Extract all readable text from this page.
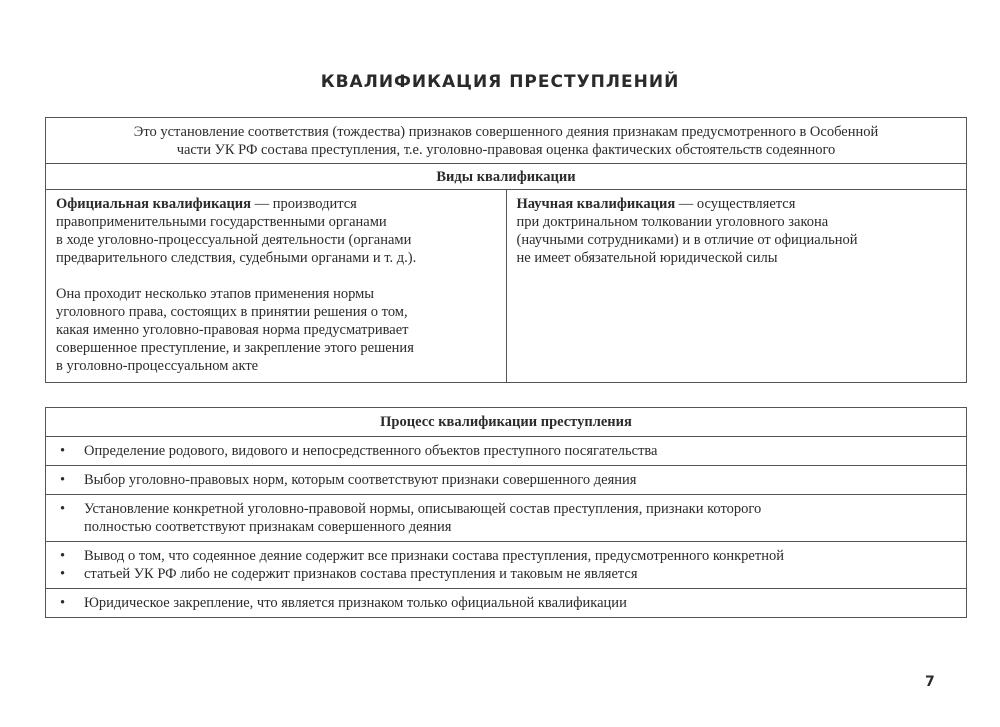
КВАЛИФИКАЦИЯ ПРЕСТУПЛЕНИЙ
Это установление соответствия (тождества) признаков совершенного деяния признакам предусмотренного в Особенной
части УК РФ состава преступления, т.е. уголовно-правовая оценка фактических обстоятельств содеянного

Виды квалификации

Официальная квалификация — производится
правоприменительными государственными органами
в ходе уголовно-процессуальной деятельности (органами
предварительного следствия, судебными органами и т. д.).

Она проходит несколько этапов применения нормы
уголовного права, состоящих в принятии решения о том,
какая именно уголовно-правовая норма предусматривает
совершенное преступление, и закрепление этого решения
в уголовно-процессуальном акте

Научная квалификация — осуществляется
при доктринальном толковании уголовного закона
(научными сотрудниками) и в отличие от официальной
не имеет обязательной юридической силы

Процесс квалификации преступления

•	Определение родового, видового и непосредственного объектов преступного посягательства

•	Выбор уголовно-правовых норм, которым соответствуют признаки совершенного деяния

•	Установление конкретной уголовно-правовой нормы, описывающей состав преступления, признаки которого
полностью соответствуют признакам совершенного деяния

•	Вывод о том, что содеянное деяние содержит все признаки состава преступления, предусмотренного конкретной
•	статьей УК РФ либо не содержит признаков состава преступления и таковым не является

•	Юридическое закрепление, что является признаком только официальной квалификации
7
